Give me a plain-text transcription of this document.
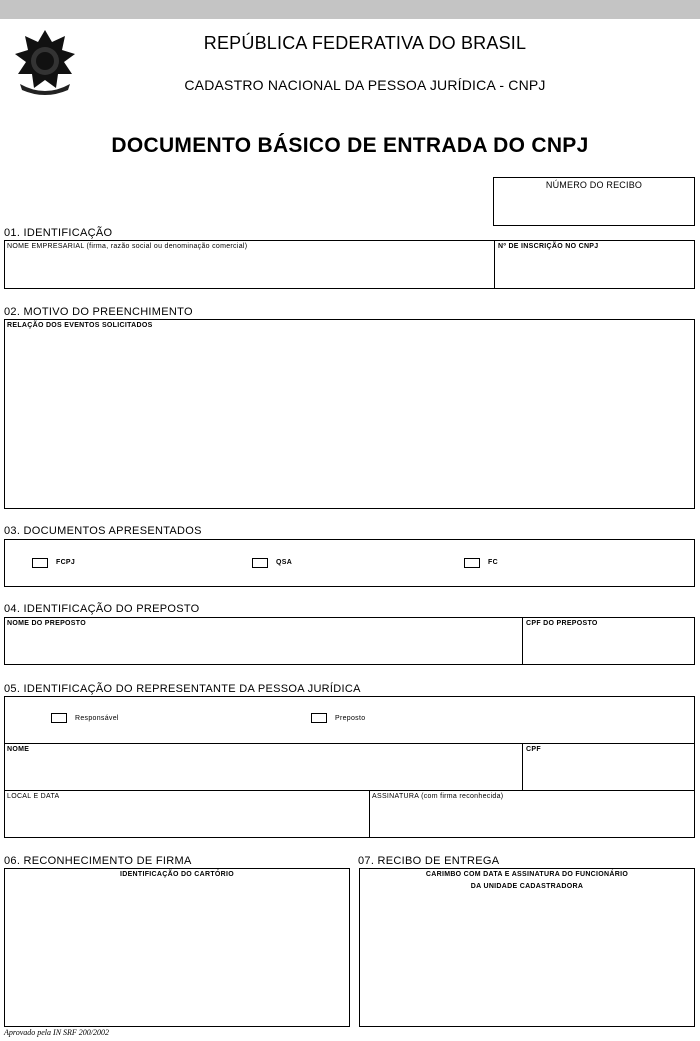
REPÚBLICA FEDERATIVA DO BRASIL
CADASTRO NACIONAL DA PESSOA JURÍDICA - CNPJ
DOCUMENTO BÁSICO DE ENTRADA DO CNPJ
NÚMERO DO RECIBO
01. IDENTIFICAÇÃO
NOME EMPRESARIAL (firma, razão social ou denominação comercial)	Nº DE INSCRIÇÃO NO CNPJ
02. MOTIVO DO PREENCHIMENTO
RELAÇÃO DOS EVENTOS SOLICITADOS
03. DOCUMENTOS APRESENTADOS
FCPJ	QSA	FC
04. IDENTIFICAÇÃO DO PREPOSTO
NOME DO PREPOSTO	CPF DO PREPOSTO
05. IDENTIFICAÇÃO DO REPRESENTANTE DA PESSOA JURÍDICA
Responsável	Preposto
NOME	CPF
LOCAL E DATA	ASSINATURA (com firma reconhecida)
06. RECONHECIMENTO DE FIRMA
IDENTIFICAÇÃO DO CARTÓRIO
07. RECIBO DE ENTREGA
CARIMBO COM DATA E ASSINATURA DO FUNCIONÁRIO
DA UNIDADE CADASTRADORA
Aprovado pela IN SRF 200/2002
